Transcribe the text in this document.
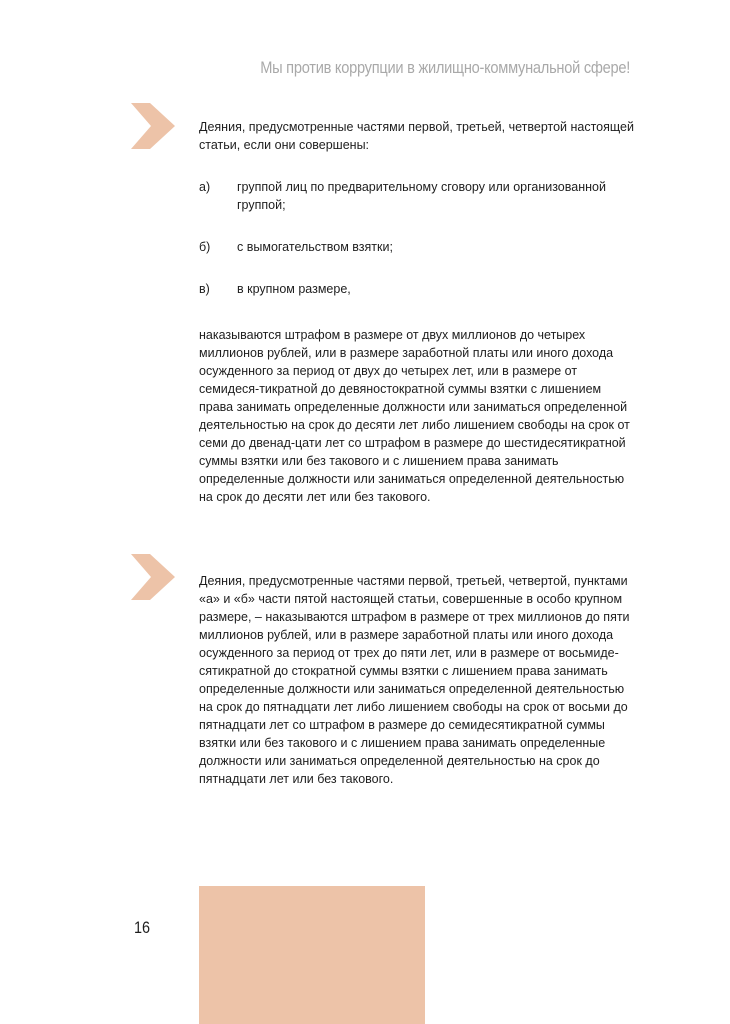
Мы против коррупции в жилищно-коммунальной сфере!

Деяния, предусмотренные частями первой, третьей, четвертой настоящей статьи, если они совершены:

а) группой лиц по предварительному сговору или организованной группой;
б) с вымогательством взятки;
в) в крупном размере,

наказываются штрафом в размере от двух миллионов до четырех миллионов рублей, или в размере заработной платы или иного дохода осужденного за период от двух до четырех лет, или в размере от семидеся-тикратной до девяностократной суммы взятки с лишением права занимать определенные должности или заниматься определенной деятельностью на срок до десяти лет либо лишением свободы на срок от семи до двенад-цати лет со штрафом в размере до шестидесятикратной суммы взятки или без такового и с лишением права занимать определенные должности или заниматься определенной деятельностью на срок до десяти лет или без такового.

Деяния, предусмотренные частями первой, третьей, четвертой, пунктами «а» и «б» части пятой настоящей статьи, совершенные в особо крупном размере, – наказываются штрафом в размере от трех миллионов до пяти миллионов рублей, или в размере заработной платы или иного дохода осужденного за период от трех до пяти лет, или в размере от восьмиде-сятикратной до стократной суммы взятки с лишением права занимать определенные должности или заниматься определенной деятельностью на срок до пятнадцати лет либо лишением свободы на срок от восьми до пятнадцати лет со штрафом в размере до семидесятикратной суммы взятки или без такового и с лишением права занимать определенные должности или заниматься определенной деятельностью на срок до пятнадцати лет или без такового.

16
